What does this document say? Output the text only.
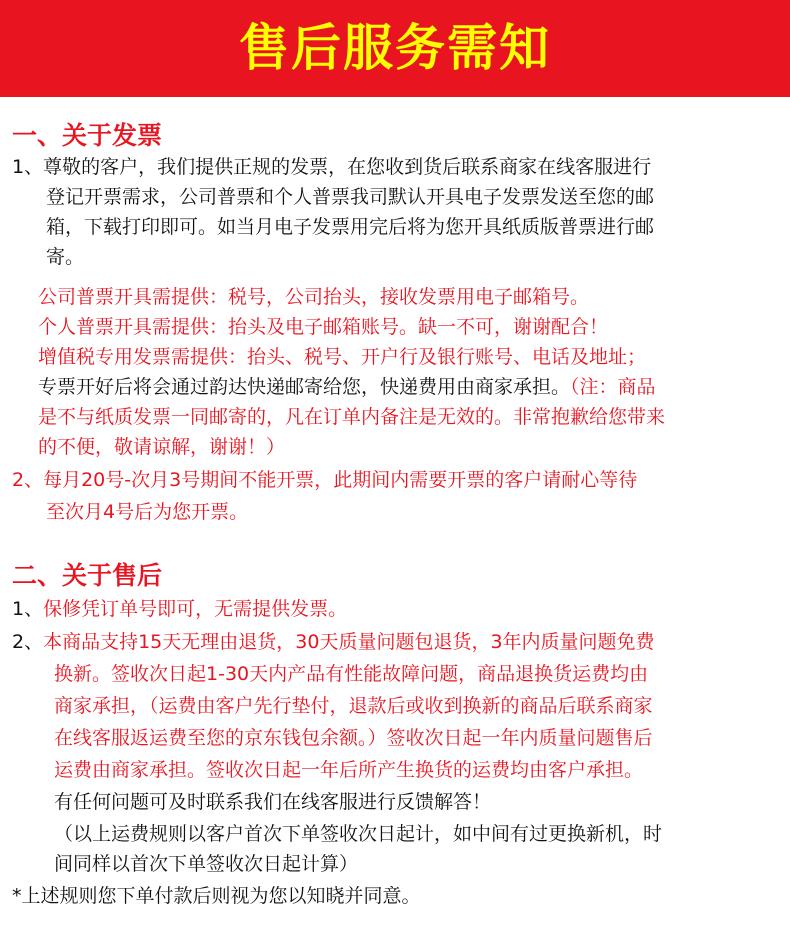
售后服务需知
一、关于发票
1、尊敬的客户，我们提供正规的发票，在您收到货后联系商家在线客服进行
登记开票需求，公司普票和个人普票我司默认开具电子发票发送至您的邮
箱，下载打印即可。如当月电子发票用完后将为您开具纸质版普票进行邮
寄。
公司普票开具需提供：税号，公司抬头，接收发票用电子邮箱号。
个人普票开具需提供：抬头及电子邮箱账号。缺一不可，谢谢配合！
增值税专用发票需提供：抬头、税号、开户行及银行账号、电话及地址；
专票开好后将会通过韵达快递邮寄给您，快递费用由商家承担。（注：商品
是不与纸质发票一同邮寄的，凡在订单内备注是无效的。非常抱歉给您带来
的不便，敬请谅解，谢谢！）
2、每月20号-次月3号期间不能开票，此期间内需要开票的客户请耐心等待
至次月4号后为您开票。
二、关于售后
1、保修凭订单号即可，无需提供发票。
2、本商品支持15天无理由退货，30天质量问题包退货，3年内质量问题免费
换新。签收次日起1-30天内产品有性能故障问题，商品退换货运费均由
商家承担，（运费由客户先行垫付，退款后或收到换新的商品后联系商家
在线客服返运费至您的京东钱包余额。）签收次日起一年内质量问题售后
运费由商家承担。签收次日起一年后所产生换货的运费均由客户承担。
有任何问题可及时联系我们在线客服进行反馈解答！
（以上运费规则以客户首次下单签收次日起计，如中间有过更换新机，时
间同样以首次下单签收次日起计算）
*上述规则您下单付款后则视为您以知晓并同意。
